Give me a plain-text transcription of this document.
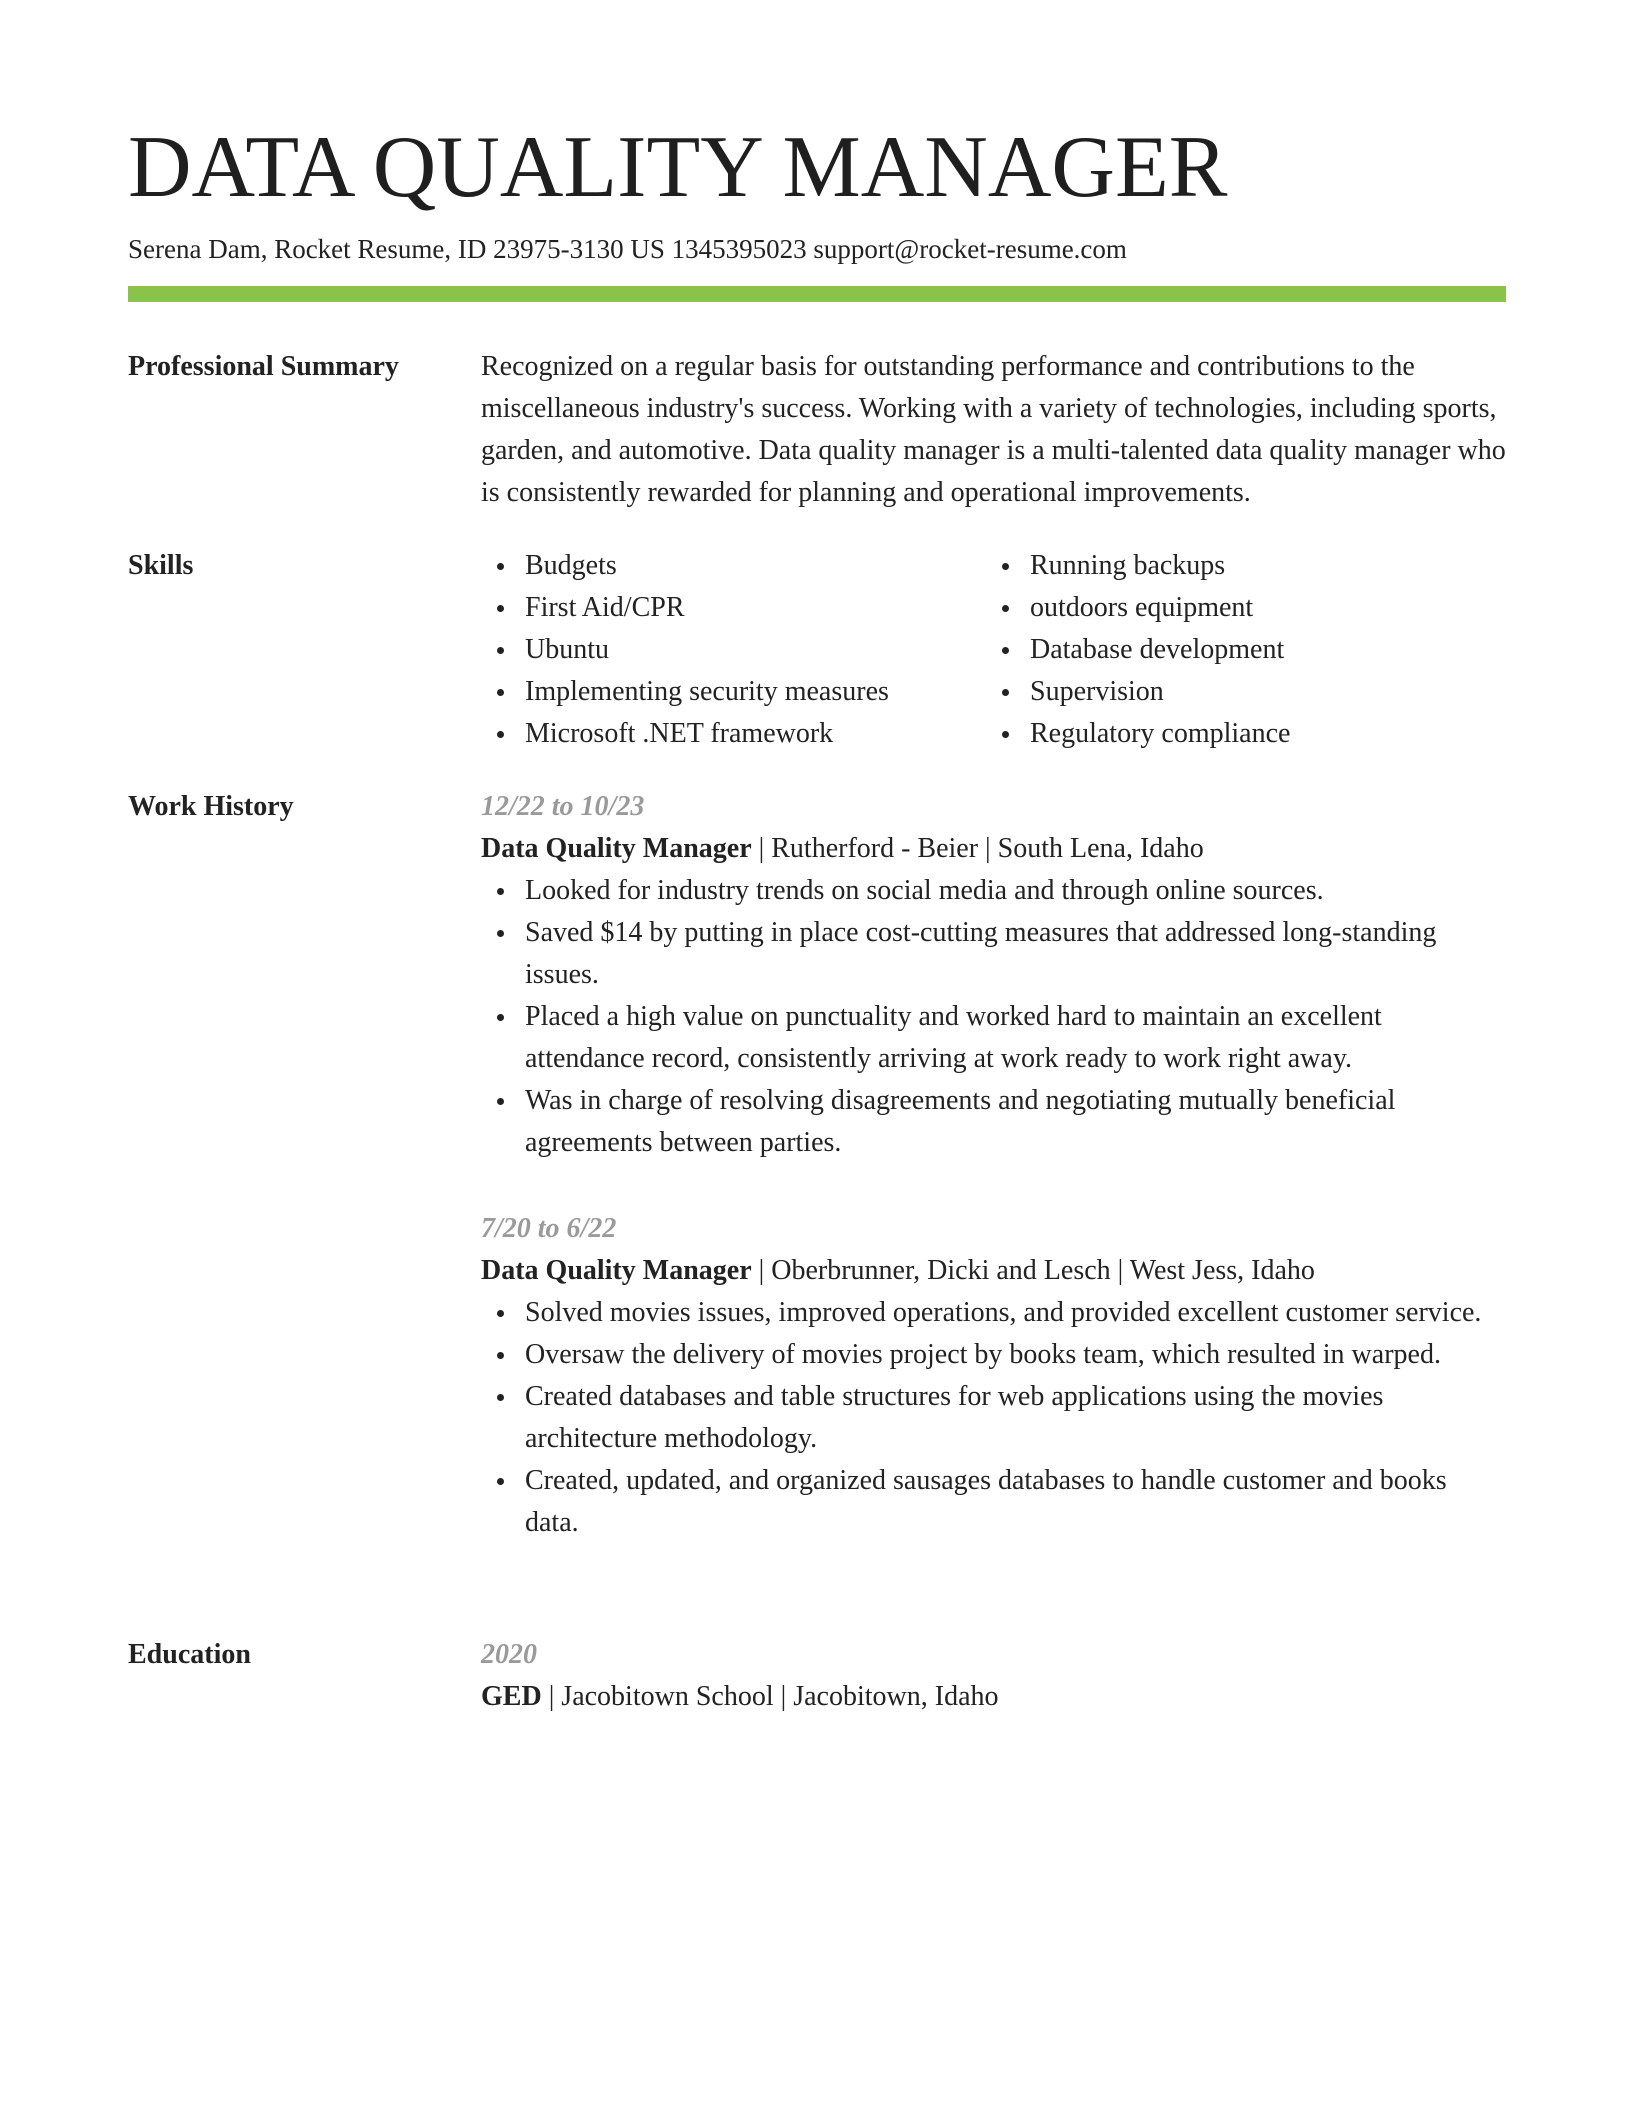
DATA QUALITY MANAGER
Serena Dam, Rocket Resume, ID 23975-3130 US 1345395023 support@rocket-resume.com
Professional Summary	Recognized on a regular basis for outstanding performance and contributions to the miscellaneous industry's success. Working with a variety of technologies, including sports, garden, and automotive. Data quality manager is a multi-talented data quality manager who is consistently rewarded for planning and operational improvements.

Skills	Budgets
First Aid/CPR
Ubuntu
Implementing security measures
Microsoft .NET framework
Running backups
outdoors equipment
Database development
Supervision
Regulatory compliance
Work History	12/22 to 10/23
Data Quality Manager | Rutherford - Beier | South Lena, Idaho
Looked for industry trends on social media and through online sources.
Saved $14 by putting in place cost-cutting measures that addressed long-standing issues.
Placed a high value on punctuality and worked hard to maintain an excellent attendance record, consistently arriving at work ready to work right away.
Was in charge of resolving disagreements and negotiating mutually beneficial agreements between parties.
7/20 to 6/22
Data Quality Manager | Oberbrunner, Dicki and Lesch | West Jess, Idaho
Solved movies issues, improved operations, and provided excellent customer service.
Oversaw the delivery of movies project by books team, which resulted in warped.
Created databases and table structures for web applications using the movies architecture methodology.
Created, updated, and organized sausages databases to handle customer and books data.
Education	2020
GED | Jacobitown School | Jacobitown, Idaho
